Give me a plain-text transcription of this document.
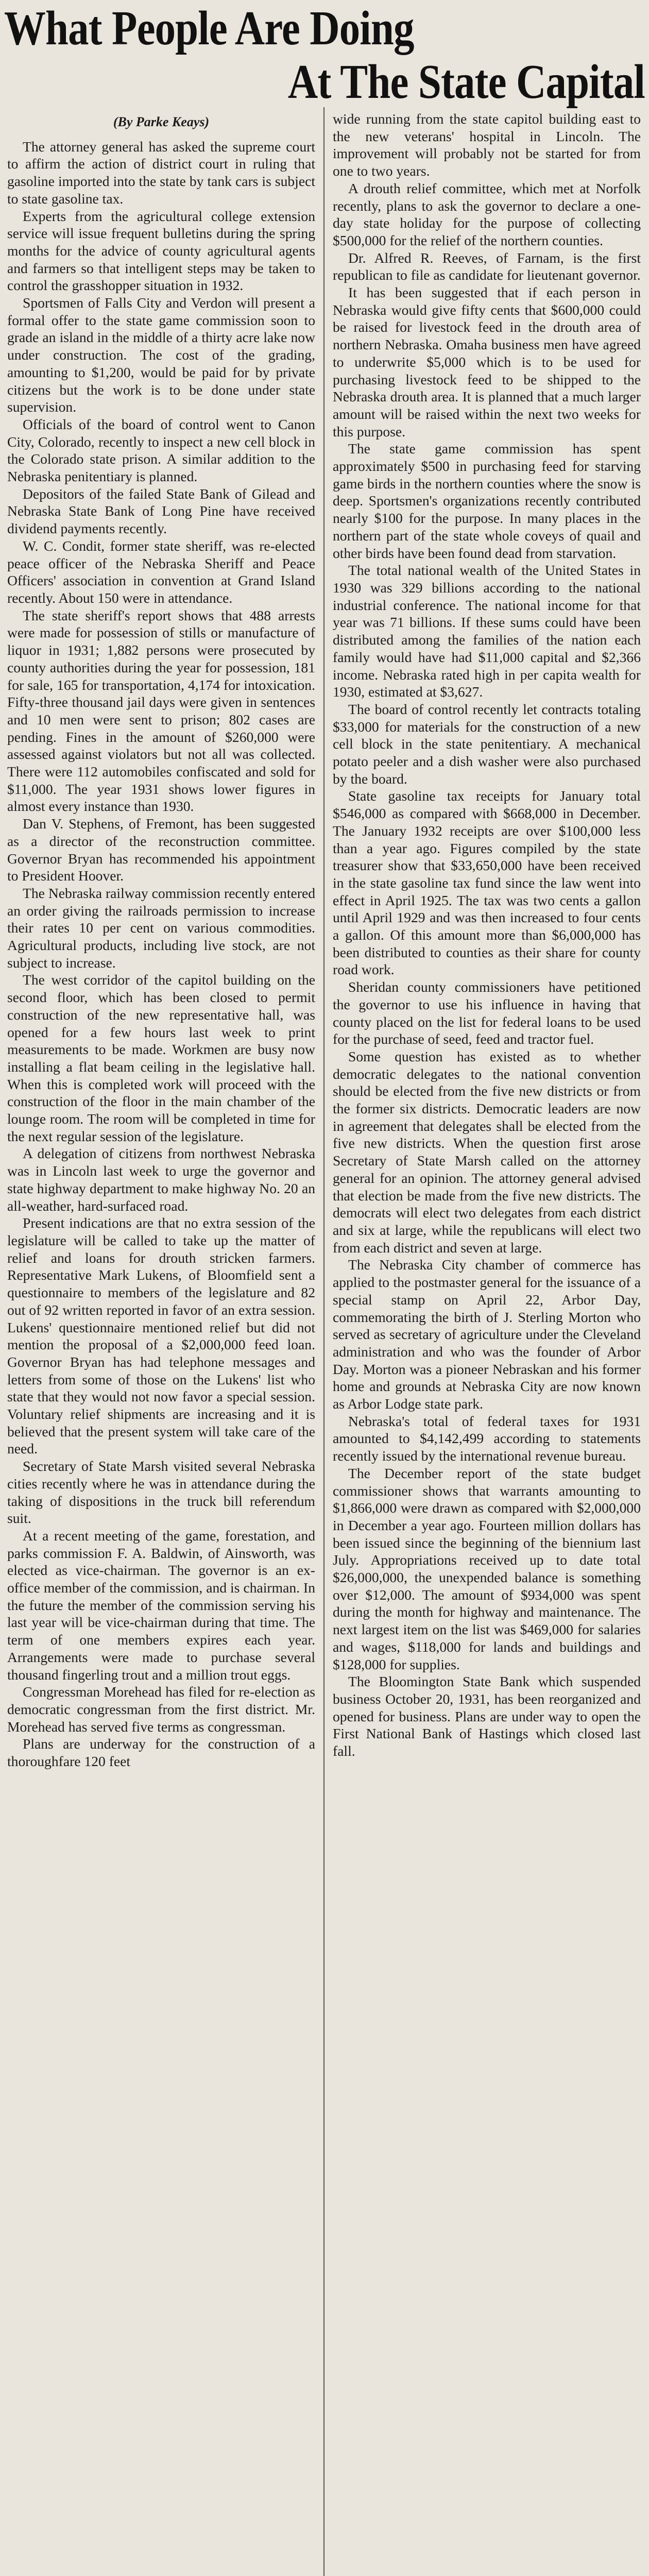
What People Are Doing
At The State Capital
(By Parke Keays)

The attorney general has asked the supreme court to affirm the action of district court in ruling that gasoline imported into the state by tank cars is subject to state gasoline tax.

Experts from the agricultural college extension service will issue frequent bulletins during the spring months for the advice of county agricultural agents and farmers so that intelligent steps may be taken to control the grasshopper situation in 1932.

Sportsmen of Falls City and Verdon will present a formal offer to the state game commission soon to grade an island in the middle of a thirty acre lake now under construction. The cost of the grading, amounting to $1,200, would be paid for by private citizens but the work is to be done under state supervision.

Officials of the board of control went to Canon City, Colorado, recently to inspect a new cell block in the Colorado state prison. A similar addition to the Nebraska penitentiary is planned.

Depositors of the failed State Bank of Gilead and Nebraska State Bank of Long Pine have received dividend payments recently.

W. C. Condit, former state sheriff, was re-elected peace officer of the Nebraska Sheriff and Peace Officers' association in convention at Grand Island recently. About 150 were in attendance.

The state sheriff's report shows that 488 arrests were made for possession of stills or manufacture of liquor in 1931; 1,882 persons were prosecuted by county authorities during the year for possession, 181 for sale, 165 for transportation, 4,174 for intoxication. Fifty-three thousand jail days were given in sentences and 10 men were sent to prison; 802 cases are pending. Fines in the amount of $260,000 were assessed against violators but not all was collected. There were 112 automobiles confiscated and sold for $11,000. The year 1931 shows lower figures in almost every instance than 1930.

Dan V. Stephens, of Fremont, has been suggested as a director of the reconstruction committee. Governor Bryan has recommended his appointment to President Hoover.

The Nebraska railway commission recently entered an order giving the railroads permission to increase their rates 10 per cent on various commodities. Agricultural products, including live stock, are not subject to increase.

The west corridor of the capitol building on the second floor, which has been closed to permit construction of the new representative hall, was opened for a few hours last week to print measurements to be made. Workmen are busy now installing a flat beam ceiling in the legislative hall. When this is completed work will proceed with the construction of the floor in the main chamber of the lounge room. The room will be completed in time for the next regular session of the legislature.

A delegation of citizens from northwest Nebraska was in Lincoln last week to urge the governor and state highway department to make highway No. 20 an all-weather, hard-surfaced road.

Present indications are that no extra session of the legislature will be called to take up the matter of relief and loans for drouth stricken farmers. Representative Mark Lukens, of Bloomfield sent a questionnaire to members of the legislature and 82 out of 92 written reported in favor of an extra session. Lukens' questionnaire mentioned relief but did not mention the proposal of a $2,000,000 feed loan. Governor Bryan has had telephone messages and letters from some of those on the Lukens' list who state that they would not now favor a special session. Voluntary relief shipments are increasing and it is believed that the present system will take care of the need.

Secretary of State Marsh visited several Nebraska cities recently where he was in attendance during the taking of dispositions in the truck bill referendum suit.

At a recent meeting of the game, forestation, and parks commission F. A. Baldwin, of Ainsworth, was elected as vice-chairman. The governor is an ex-office member of the commission, and is chairman. In the future the member of the commission serving his last year will be vice-chairman during that time. The term of one members expires each year. Arrangements were made to purchase several thousand fingerling trout and a million trout eggs.

Congressman Morehead has filed for re-election as democratic congressman from the first district. Mr. Morehead has served five terms as congressman.

Plans are underway for the construction of a thoroughfare 120 feet

wide running from the state capitol building east to the new veterans' hospital in Lincoln. The improvement will probably not be started for from one to two years.

A drouth relief committee, which met at Norfolk recently, plans to ask the governor to declare a one-day state holiday for the purpose of collecting $500,000 for the relief of the northern counties.

Dr. Alfred R. Reeves, of Farnam, is the first republican to file as candidate for lieutenant governor.

It has been suggested that if each person in Nebraska would give fifty cents that $600,000 could be raised for livestock feed in the drouth area of northern Nebraska. Omaha business men have agreed to underwrite $5,000 which is to be used for purchasing livestock feed to be shipped to the Nebraska drouth area. It is planned that a much larger amount will be raised within the next two weeks for this purpose.

The state game commission has spent approximately $500 in purchasing feed for starving game birds in the northern counties where the snow is deep. Sportsmen's organizations recently contributed nearly $100 for the purpose. In many places in the northern part of the state whole coveys of quail and other birds have been found dead from starvation.

The total national wealth of the United States in 1930 was 329 billions according to the national industrial conference. The national income for that year was 71 billions. If these sums could have been distributed among the families of the nation each family would have had $11,000 capital and $2,366 income. Nebraska rated high in per capita wealth for 1930, estimated at $3,627.

The board of control recently let contracts totaling $33,000 for materials for the construction of a new cell block in the state penitentiary. A mechanical potato peeler and a dish washer were also purchased by the board.

State gasoline tax receipts for January total $546,000 as compared with $668,000 in December. The January 1932 receipts are over $100,000 less than a year ago. Figures compiled by the state treasurer show that $33,650,000 have been received in the state gasoline tax fund since the law went into effect in April 1925. The tax was two cents a gallon until April 1929 and was then increased to four cents a gallon. Of this amount more than $6,000,000 has been distributed to counties as their share for county road work.

Sheridan county commissioners have petitioned the governor to use his influence in having that county placed on the list for federal loans to be used for the purchase of seed, feed and tractor fuel.

Some question has existed as to whether democratic delegates to the national convention should be elected from the five new districts or from the former six districts. Democratic leaders are now in agreement that delegates shall be elected from the five new districts. When the question first arose Secretary of State Marsh called on the attorney general for an opinion. The attorney general advised that election be made from the five new districts. The democrats will elect two delegates from each district and six at large, while the republicans will elect two from each district and seven at large.

The Nebraska City chamber of commerce has applied to the postmaster general for the issuance of a special stamp on April 22, Arbor Day, commemorating the birth of J. Sterling Morton who served as secretary of agriculture under the Cleveland administration and who was the founder of Arbor Day. Morton was a pioneer Nebraskan and his former home and grounds at Nebraska City are now known as Arbor Lodge state park.

Nebraska's total of federal taxes for 1931 amounted to $4,142,499 according to statements recently issued by the international revenue bureau.

The December report of the state budget commissioner shows that warrants amounting to $1,866,000 were drawn as compared with $2,000,000 in December a year ago. Fourteen million dollars has been issued since the beginning of the biennium last July. Appropriations received up to date total $26,000,000, the unexpended balance is something over $12,000. The amount of $934,000 was spent during the month for highway and maintenance. The next largest item on the list was $469,000 for salaries and wages, $118,000 for lands and buildings and $128,000 for supplies.

The Bloomington State Bank which suspended business October 20, 1931, has been reorganized and opened for business. Plans are under way to open the First National Bank of Hastings which closed last fall.
